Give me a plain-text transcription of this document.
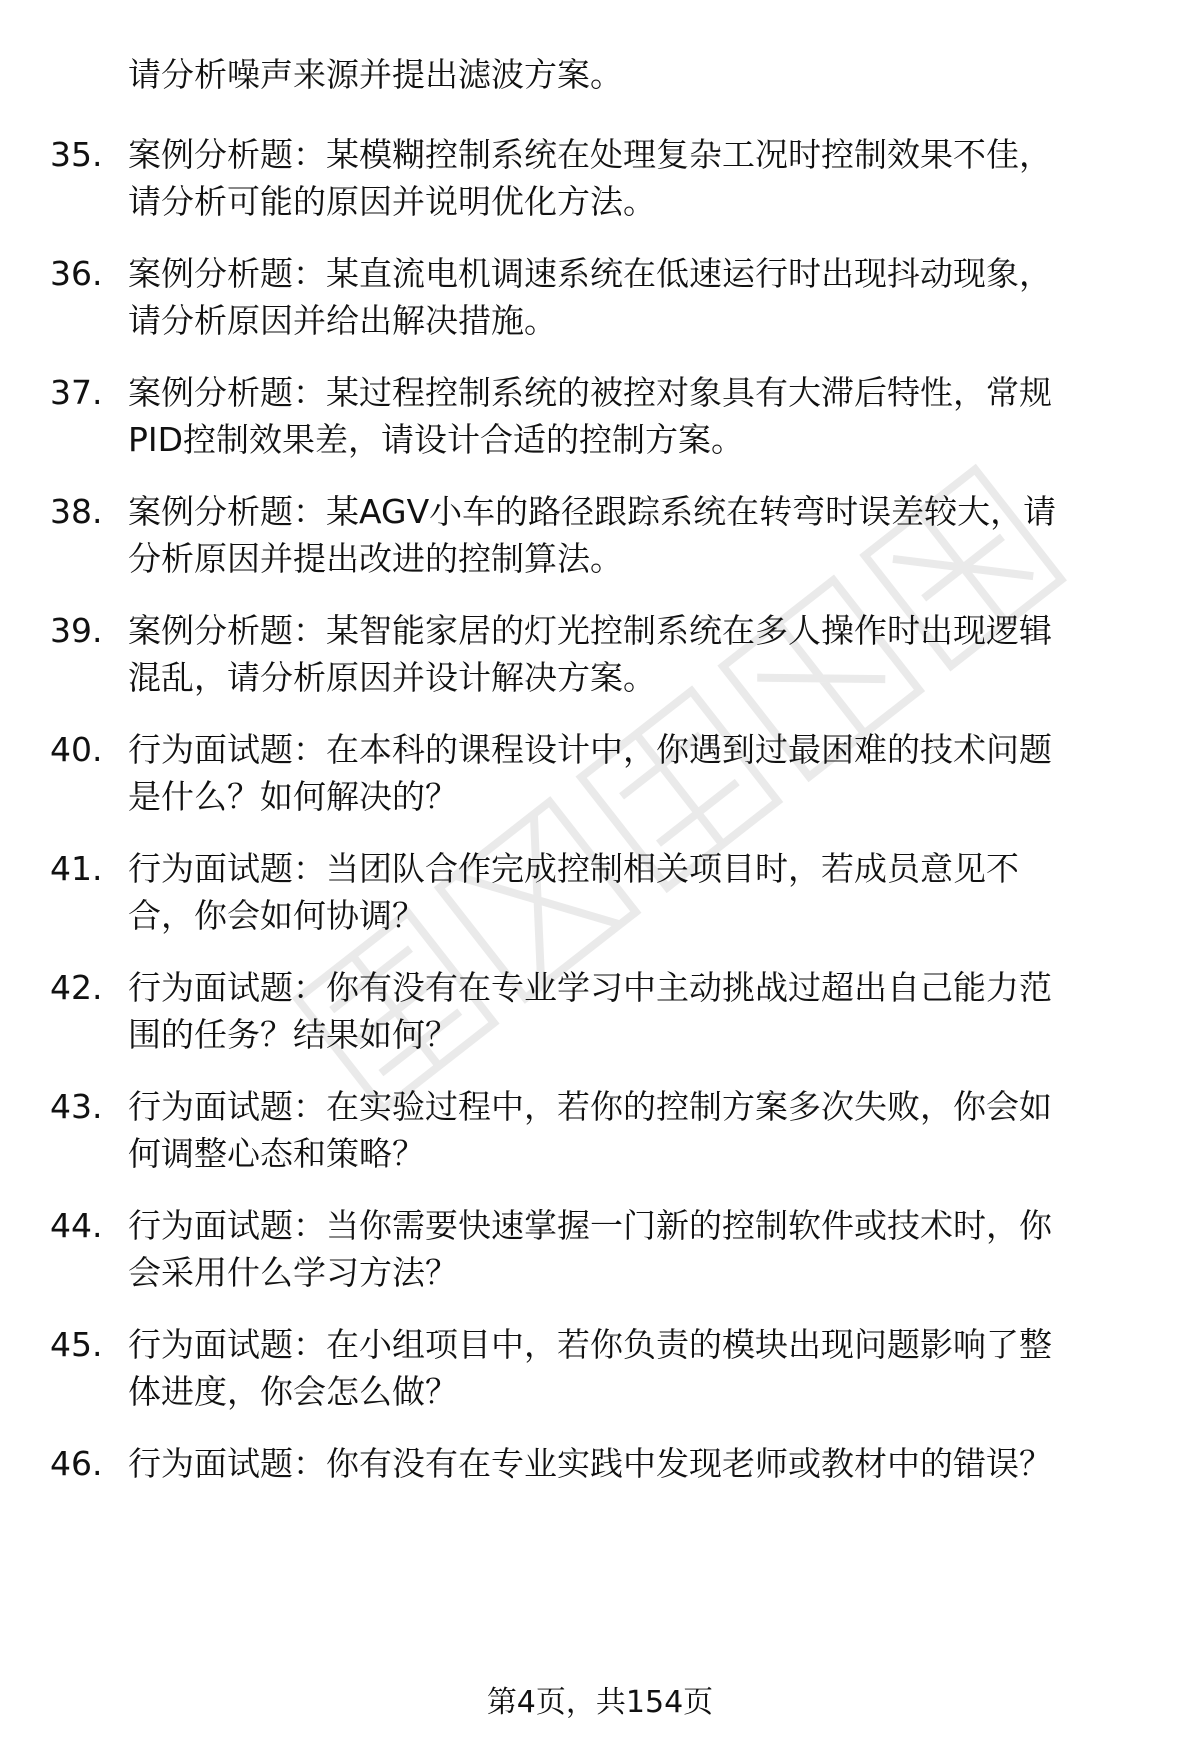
请分析噪声来源并提出滤波方案。
35. 案例分析题：某模糊控制系统在处理复杂工况时控制效果不佳，
请分析可能的原因并说明优化方法。
36. 案例分析题：某直流电机调速系统在低速运行时出现抖动现象，
请分析原因并给出解决措施。
37. 案例分析题：某过程控制系统的被控对象具有大滞后特性，常规
PID控制效果差，请设计合适的控制方案。
38. 案例分析题：某AGV小车的路径跟踪系统在转弯时误差较大，请
分析原因并提出改进的控制算法。
39. 案例分析题：某智能家居的灯光控制系统在多人操作时出现逻辑
混乱，请分析原因并设计解决方案。
40. 行为面试题：在本科的课程设计中，你遇到过最困难的技术问题
是什么？如何解决的？
41. 行为面试题：当团队合作完成控制相关项目时，若成员意见不
合，你会如何协调？
42. 行为面试题：你有没有在专业学习中主动挑战过超出自己能力范
围的任务？结果如何？
43. 行为面试题：在实验过程中，若你的控制方案多次失败，你会如
何调整心态和策略？
44. 行为面试题：当你需要快速掌握一门新的控制软件或技术时，你
会采用什么学习方法？
45. 行为面试题：在小组项目中，若你负责的模块出现问题影响了整
体进度，你会怎么做？
46. 行为面试题：你有没有在专业实践中发现老师或教材中的错误？
第4页，共154页
